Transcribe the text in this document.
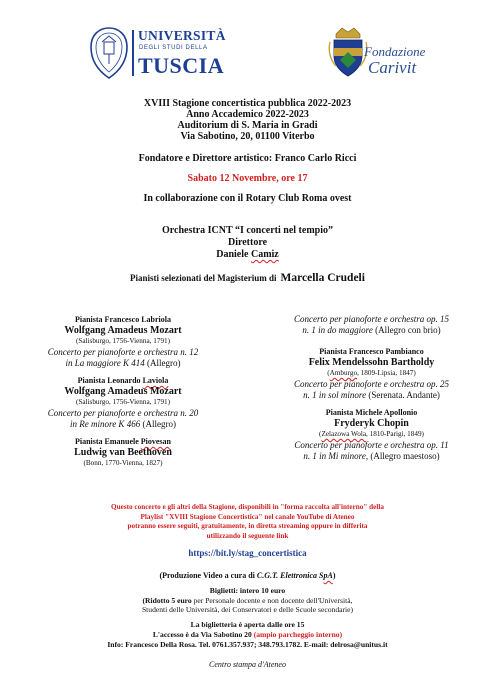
UNIVERSITÀ
DEGLI STUDI DELLA
TUSCIA
Fondazione
Carivit
XVIII Stagione concertistica pubblica 2022-2023
Anno Accademico 2022-2023
Auditorium di S. Maria in Gradi
Via Sabotino, 20, 01100 Viterbo
Fondatore e Direttore artistico: Franco Carlo Ricci
Sabato 12 Novembre, ore 17
In collaborazione con il Rotary Club Roma ovest
Orchestra ICNT “I concerti nel tempio”
Direttore
Daniele Camiz
Pianisti selezionati del Magisterium di Marcella Crudeli
Pianista Francesco Labriola
Wolfgang Amadeus Mozart
(Salisburgo, 1756-Vienna, 1791)
Concerto per pianoforte e orchestra n. 12
in La maggiore K 414 (Allegro)
Pianista Leonardo Laviola
Wolfgang Amadeus Mozart
(Salisburgo, 1756-Vienna, 1791)
Concerto per pianoforte e orchestra n. 20
in Re minore K 466 (Allegro)
Pianista Emanuele Piovesan
Ludwig van Beethoven
(Bonn, 1770-Vienna, 1827)
Concerto per pianoforte e orchestra op. 15
n. 1 in do maggiore (Allegro con brio)
Pianista Francesco Pambianco
Felix Mendelssohn Bartholdy
(Amburgo, 1809-Lipsia, 1847)
Concerto per pianoforte e orchestra op. 25
n. 1 in sol minore (Serenata. Andante)
Pianista Michele Apollonio
Fryderyk Chopin
(Zelazowa Wola, 1810-Parigi, 1849)
Concerto per pianoforte e orchestra op. 11
n. 1 in Mi minore, (Allegro maestoso)
Questo concerto e gli altri della Stagione, disponibili in "forma raccolta all'interno" della
Playlist "XVIII Stagione Concertistica" nel canale YouTube di Ateneo
potranno essere seguiti, gratuitamente, in diretta streaming oppure in differita
utilizzando il seguente link
https://bit.ly/stag_concertistica
(Produzione Video a cura di C.G.T. Elettronica SpA)
Biglietti: intero 10 euro
(Ridotto 5 euro per Personale docente e non docente dell'Università,
Studenti delle Università, dei Conservatori e delle Scuole secondarie)
La biglietteria è aperta dalle ore 15
L'accesso è da Via Sabotino 20 (ampio parcheggio interno)
Info: Francesco Della Rosa. Tel. 0761.357.937; 348.793.1782. E-mail: delrosa@unitus.it
Centro stampa d'Ateneo
